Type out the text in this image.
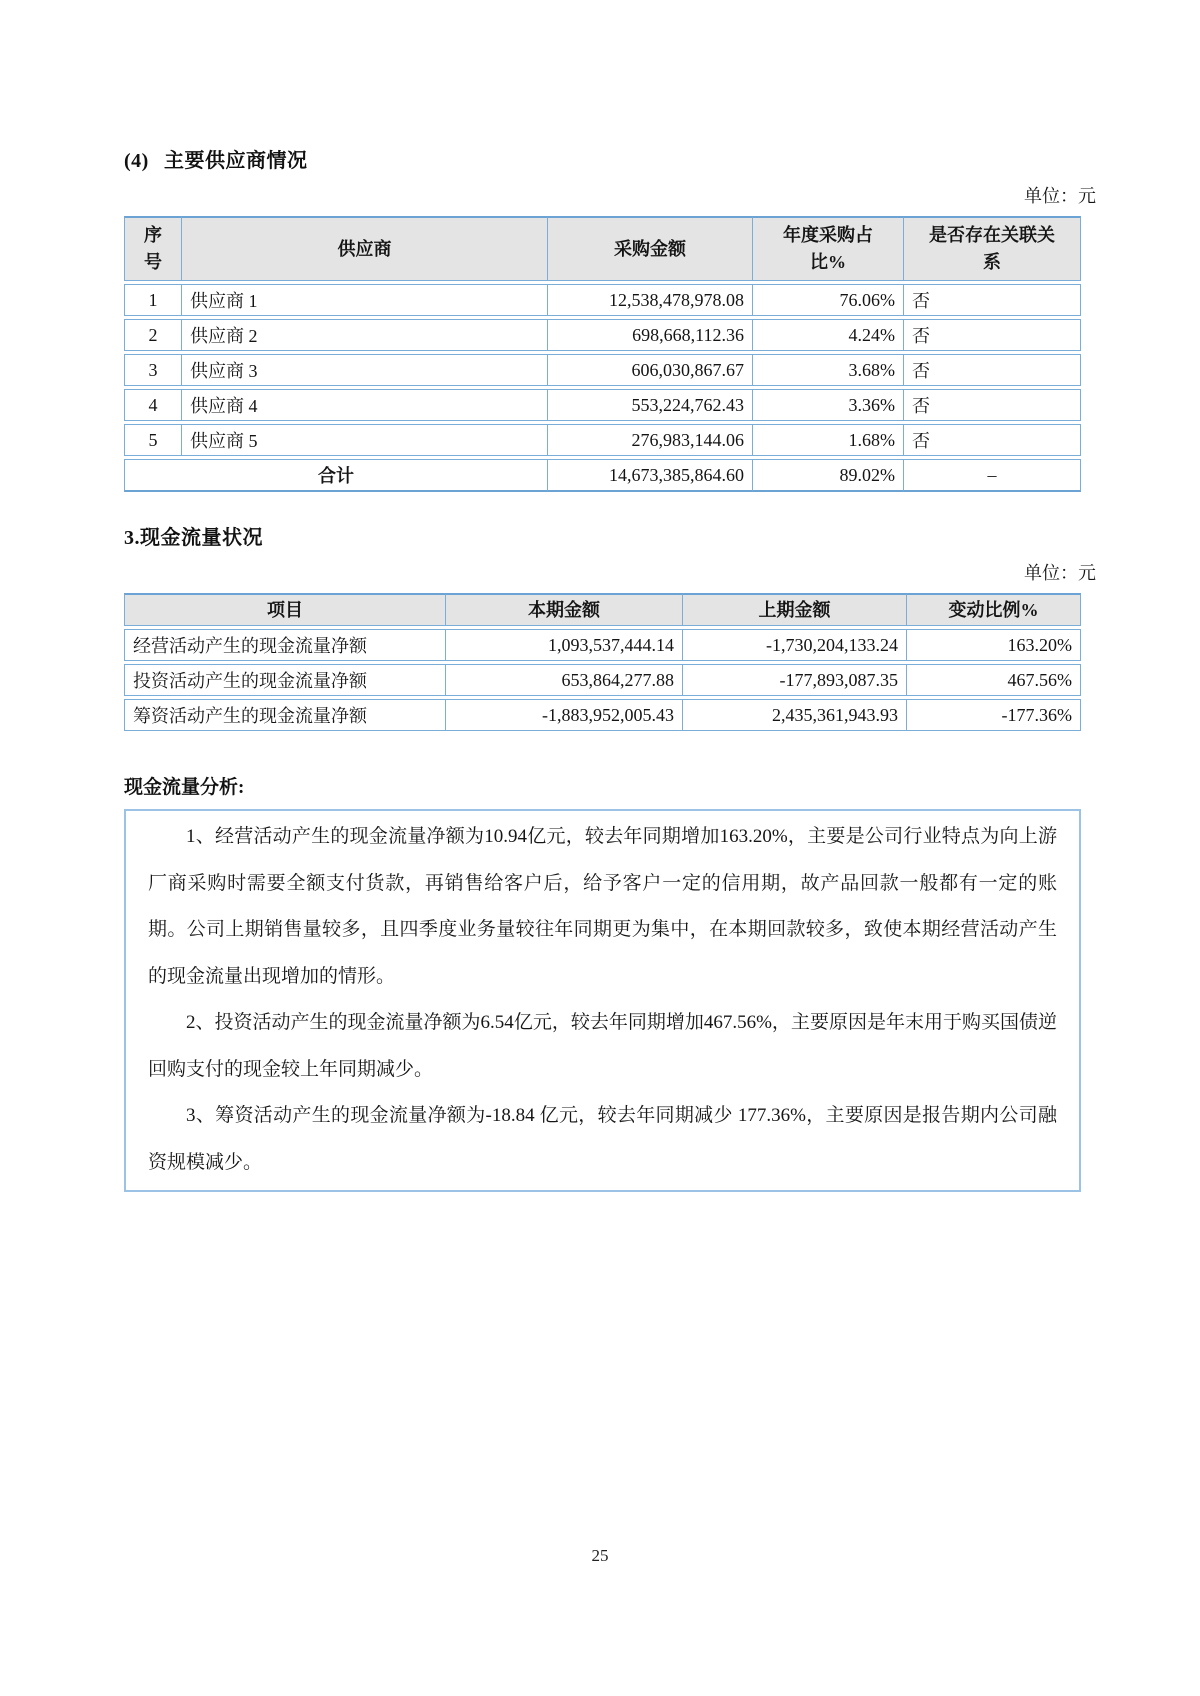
(4) 主要供应商情况
单位：元
序号	供应商	采购金额	年度采购占比%	是否存在关联关系
1	供应商 1	12,538,478,978.08	76.06%	否
2	供应商 2	698,668,112.36	4.24%	否
3	供应商 3	606,030,867.67	3.68%	否
4	供应商 4	553,224,762.43	3.36%	否
5	供应商 5	276,983,144.06	1.68%	否
合计		14,673,385,864.60	89.02%	–
3.现金流量状况
单位：元
项目	本期金额	上期金额	变动比例%
经营活动产生的现金流量净额	1,093,537,444.14	-1,730,204,133.24	163.20%
投资活动产生的现金流量净额	653,864,277.88	-177,893,087.35	467.56%
筹资活动产生的现金流量净额	-1,883,952,005.43	2,435,361,943.93	-177.36%
现金流量分析:

1、经营活动产生的现金流量净额为10.94亿元，较去年同期增加163.20%，主要是公司行业特点为向上游厂商采购时需要全额支付货款，再销售给客户后，给予客户一定的信用期，故产品回款一般都有一定的账期。公司上期销售量较多，且四季度业务量较往年同期更为集中，在本期回款较多，致使本期经营活动产生的现金流量出现增加的情形。

2、投资活动产生的现金流量净额为6.54亿元，较去年同期增加467.56%，主要原因是年末用于购买国债逆回购支付的现金较上年同期减少。

3、筹资活动产生的现金流量净额为-18.84 亿元，较去年同期减少 177.36%，主要原因是报告期内公司融资规模减少。

25
